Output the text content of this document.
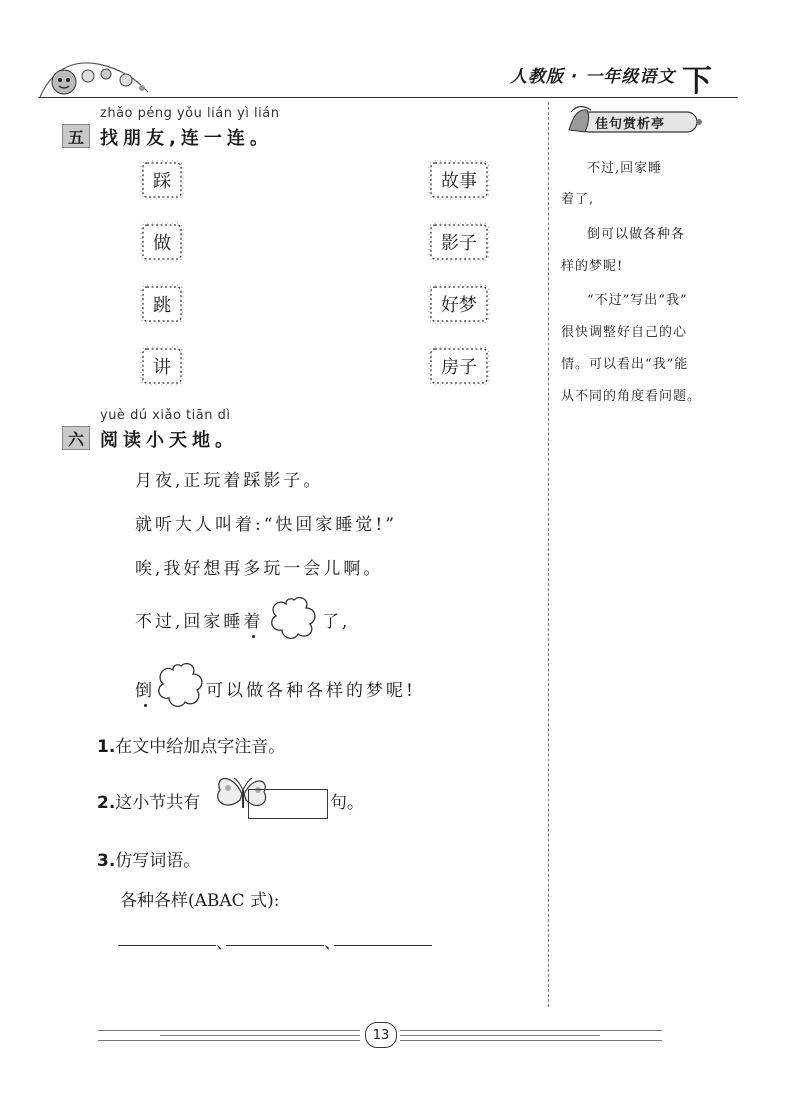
人教版 · 一年级语文 下
zhǎo péng yǒu lián yì lián
五 找朋友,连一连。
踩
做
跳
讲
故事
影子
好梦
房子
yuè dú xiǎo tiān dì
六 阅读小天地。
月夜,正玩着踩影子。
就听大人叫着:“快回家睡觉!”
唉,我好想再多玩一会儿啊。
不过,回家睡着	了,
倒	可以做各种各样的梦呢!
1.在文中给加点字注音。
2.这小节共有	句。
3.仿写词语。
各种各样(ABAC 式):
、	、
佳句赏析亭
不过,回家睡
着了,
倒可以做各种各
样的梦呢!
“不过”写出“我”
很快调整好自己的心
情。可以看出“我”能
从不同的角度看问题。
13
